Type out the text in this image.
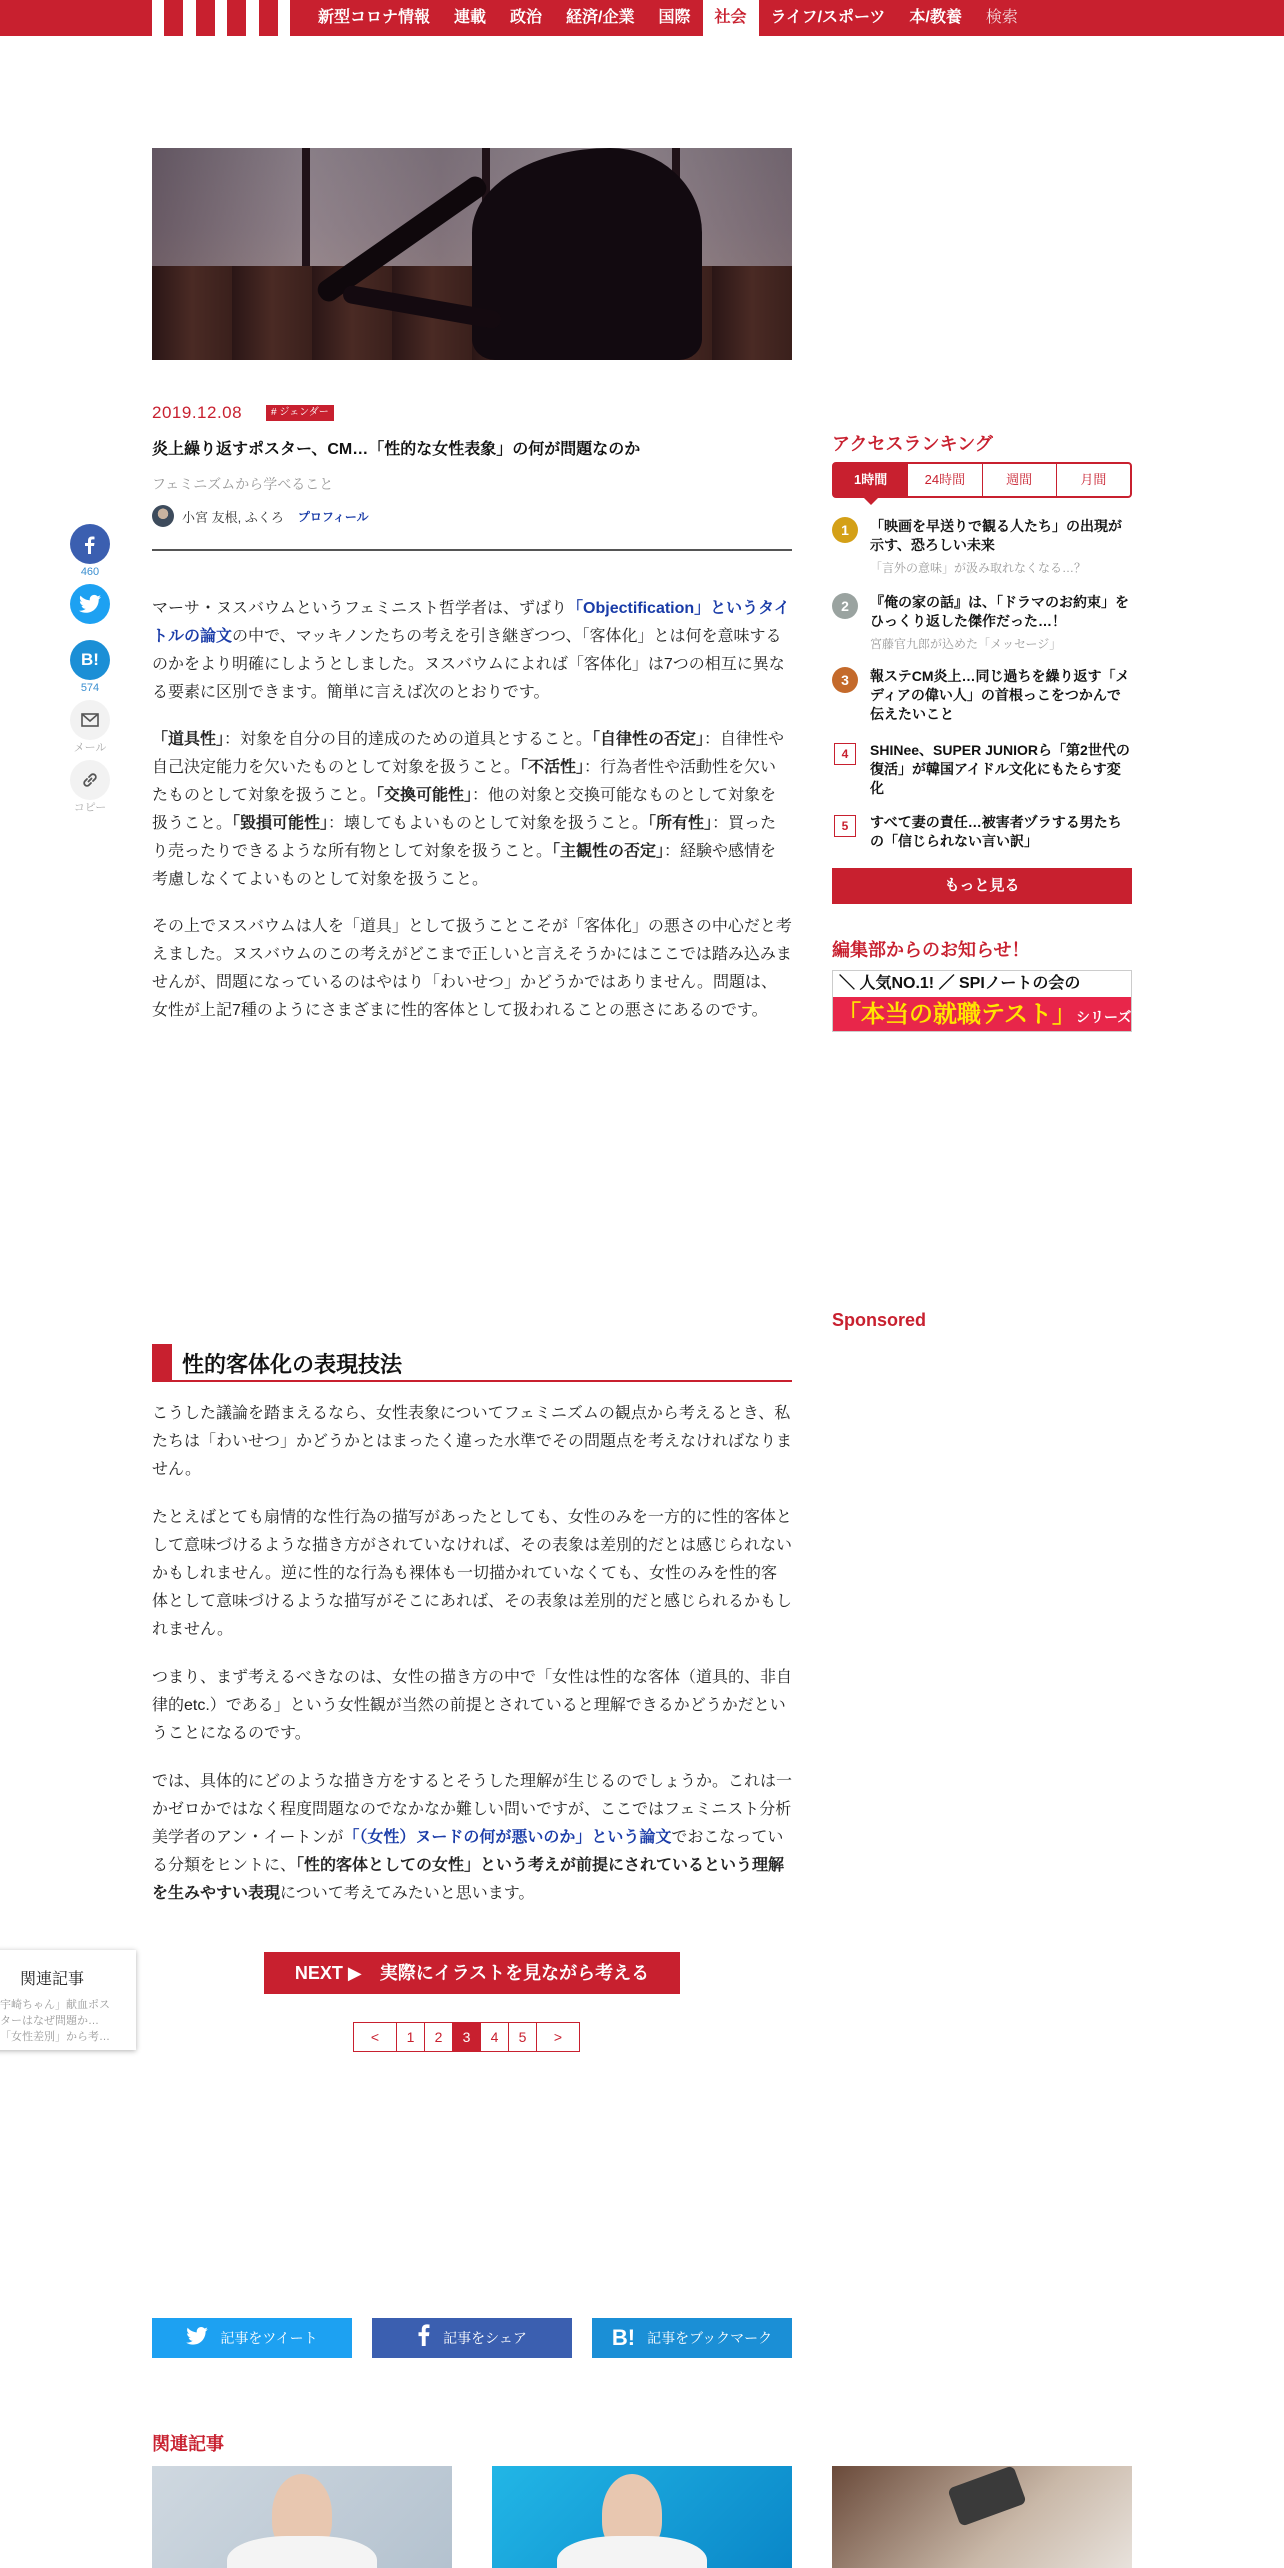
新型コロナ情報	連載	政治	経済/企業	国際	社会	ライフ/スポーツ	本/教養	検索
460
B!
574
メール
コピー
2019.12.08	# ジェンダー
炎上繰り返すポスター、CM…「性的な女性表象」の何が問題なのか
フェミニズムから学べること
小宮 友根, ふくろ プロフィール
マーサ・ヌスバウムというフェミニスト哲学者は、ずばり「Objectification」というタイトルの論文の中で、マッキノンたちの考えを引き継ぎつつ、「客体化」とは何を意味するのかをより明確にしようとしました。ヌスバウムによれば「客体化」は7つの相互に異なる要素に区別できます。簡単に言えば次のとおりです。
「道具性」：対象を自分の目的達成のための道具とすること。「自律性の否定」：自律性や自己決定能力を欠いたものとして対象を扱うこと。「不活性」：行為者性や活動性を欠いたものとして対象を扱うこと。「交換可能性」：他の対象と交換可能なものとして対象を扱うこと。「毀損可能性」：壊してもよいものとして対象を扱うこと。「所有性」：買ったり売ったりできるような所有物として対象を扱うこと。「主観性の否定」：経験や感情を考慮しなくてよいものとして対象を扱うこと。
その上でヌスバウムは人を「道具」として扱うことこそが「客体化」の悪さの中心だと考えました。ヌスバウムのこの考えがどこまで正しいと言えそうかにはここでは踏み込みませんが、問題になっているのはやはり「わいせつ」かどうかではありません。問題は、女性が上記7種のようにさまざまに性的客体として扱われることの悪さにあるのです。
性的客体化の表現技法
こうした議論を踏まえるなら、女性表象についてフェミニズムの観点から考えるとき、私たちは「わいせつ」かどうかとはまったく違った水準でその問題点を考えなければなりません。
たとえばとても扇情的な性行為の描写があったとしても、女性のみを一方的に性的客体として意味づけるような描き方がされていなければ、その表象は差別的だとは感じられないかもしれません。逆に性的な行為も裸体も一切描かれていなくても、女性のみを性的客体として意味づけるような描写がそこにあれば、その表象は差別的だと感じられるかもしれません。
つまり、まず考えるべきなのは、女性の描き方の中で「女性は性的な客体（道具的、非自律的etc.）である」という女性観が当然の前提とされていると理解できるかどうかだということになるのです。
では、具体的にどのような描き方をするとそうした理解が生じるのでしょうか。これは一かゼロかではなく程度問題なのでなかなか難しい問いですが、ここではフェミニスト分析美学者のアン・イートンが「（女性）ヌードの何が悪いのか」という論文でおこなっている分類をヒントに、「性的客体としての女性」という考えが前提にされているという理解を生みやすい表現について考えてみたいと思います。
NEXT ▶　実際にイラストを見ながら考える
<	1	2	3	4	5	>
関連記事
宇崎ちゃん」献血ポスターはなぜ問題か…「女性差別」から考…
記事をツイート	記事をシェア	B! 記事をブックマーク
関連記事
アクセスランキング
1時間	24時間	週間	月間
1	「映画を早送りで観る人たち」の出現が示す、恐ろしい未来
「言外の意味」が汲み取れなくなる…？
2	『俺の家の話』は、「ドラマのお約束」をひっくり返した傑作だった…！
宮藤官九郎が込めた「メッセージ」
3	報ステCM炎上…同じ過ちを繰り返す「メディアの偉い人」の首根っこをつかんで伝えたいこと
4	SHINee、SUPER JUNIORら「第2世代の復活」が韓国アイドル文化にもたらす変化
5	すべて妻の責任…被害者ヅラする男たちの「信じられない言い訳」
もっと見る
編集部からのお知らせ！
＼ 人気NO.1! ／ SPIノートの会の
「本当の就職テスト」シリーズ
Sponsored
